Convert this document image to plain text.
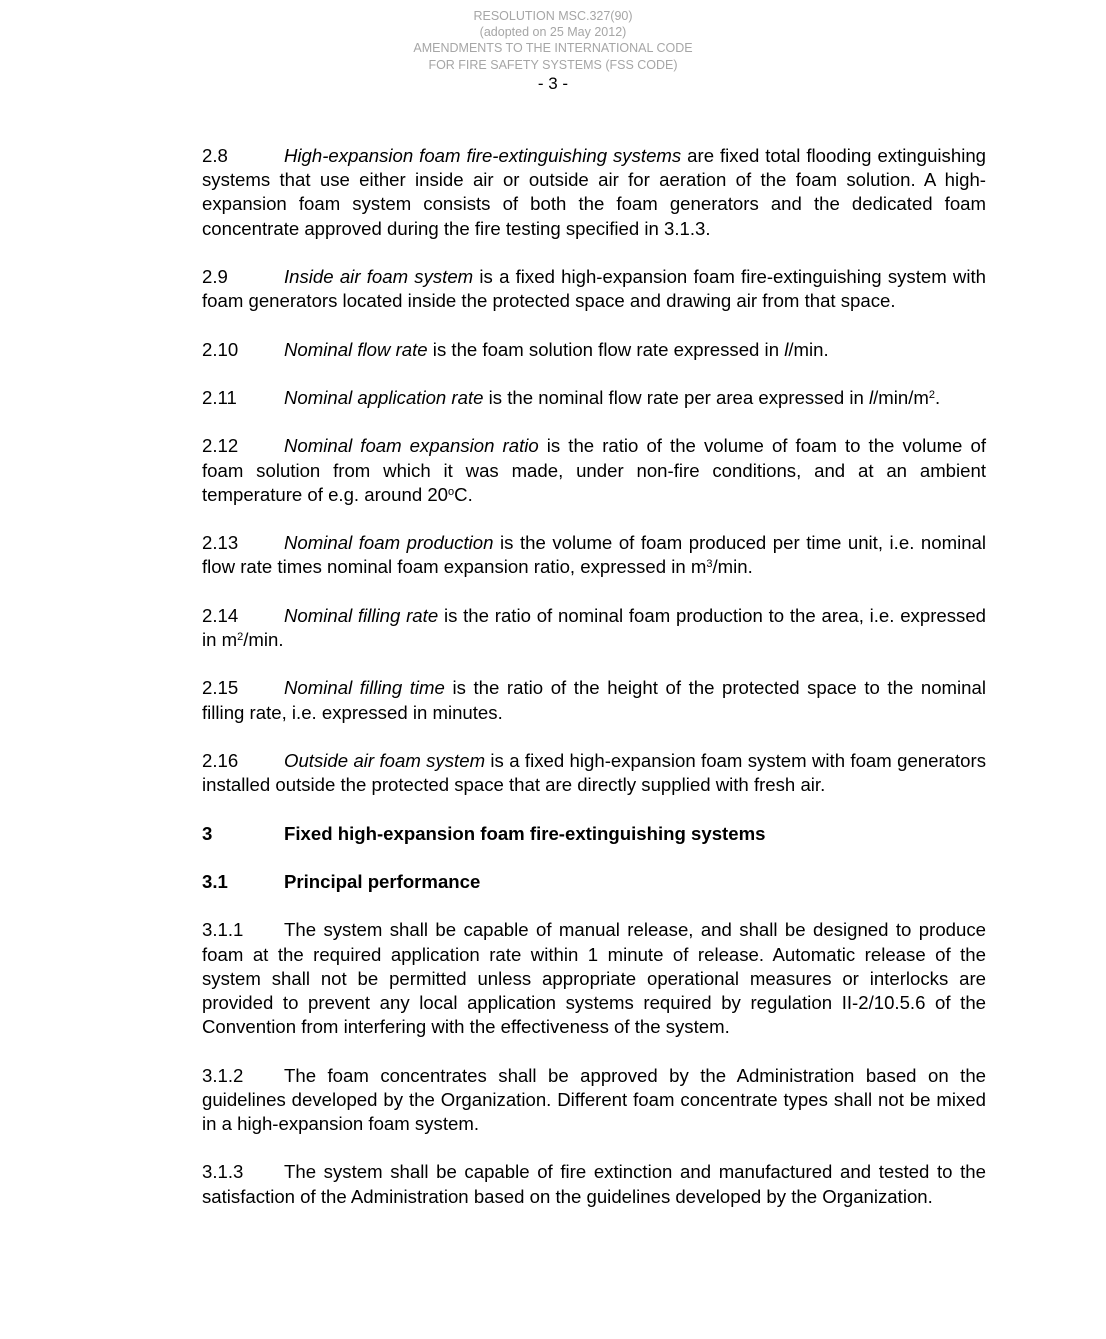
RESOLUTION MSC.327(90)
(adopted on 25 May 2012)
AMENDMENTS TO THE INTERNATIONAL CODE
FOR FIRE SAFETY SYSTEMS (FSS CODE)
- 3 -

2.8	High-expansion foam fire-extinguishing systems are fixed total flooding extinguishing systems that use either inside air or outside air for aeration of the foam solution. A high-expansion foam system consists of both the foam generators and the dedicated foam concentrate approved during the fire testing specified in 3.1.3.

2.9	Inside air foam system is a fixed high-expansion foam fire-extinguishing system with foam generators located inside the protected space and drawing air from that space.

2.10 Nominal flow rate is the foam solution flow rate expressed in l/min.

2.11	Nominal application rate is the nominal flow rate per area expressed in $l/\min/m^2$.

2.12 Nominal foam expansion ratio is the ratio of the volume of foam to the volume of foam solution from which it was made, under non-fire conditions, and at an ambient temperature of e.g. around 20$^o$C.

2.13 Nominal foam production is the volume of foam produced per time unit, i.e. nominal flow rate times nominal foam expansion ratio, expressed in $m^3/\min$.

2.14 Nominal filling rate is the ratio of nominal foam production to the area, i.e. expressed in $m^2/\min$.

2.15 Nominal filling time is the ratio of the height of the protected space to the nominal filling rate, i.e. expressed in minutes.

2.16 Outside air foam system is a fixed high-expansion foam system with foam generators installed outside the protected space that are directly supplied with fresh air.

3	Fixed high-expansion foam fire-extinguishing systems
3.1	Principal performance

3.1.1 The system shall be capable of manual release, and shall be designed to produce foam at the required application rate within 1 minute of release. Automatic release of the system shall not be permitted unless appropriate operational measures or interlocks are provided to prevent any local application systems required by regulation II-2/10.5.6 of the Convention from interfering with the effectiveness of the system.

3.1.2 The foam concentrates shall be approved by the Administration based on the guidelines developed by the Organization. Different foam concentrate types shall not be mixed in a high-expansion foam system.

3.1.3 The system shall be capable of fire extinction and manufactured and tested to the satisfaction of the Administration based on the guidelines developed by the Organization.
